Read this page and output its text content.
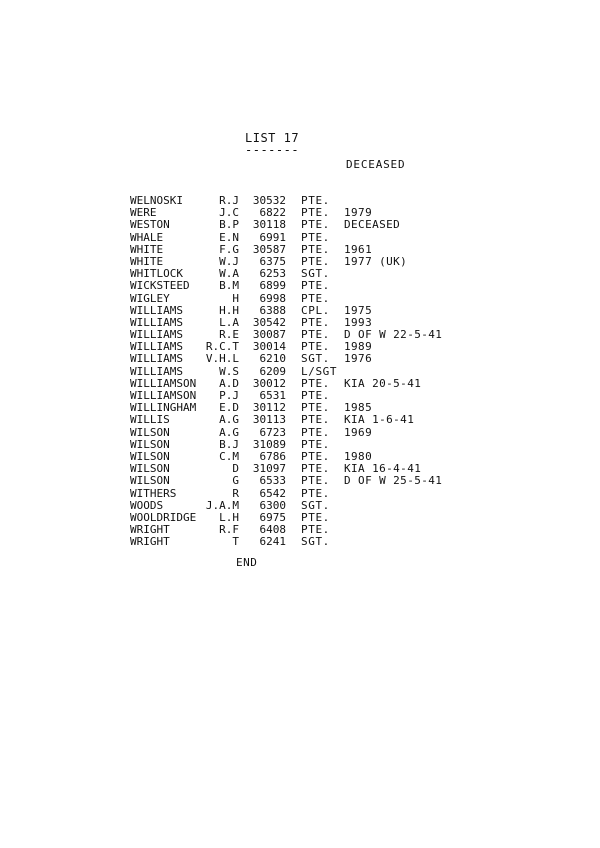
LIST 17
-------
DECEASED
WELNOSKI	R.J 30532 PTE.
WERE	J.C 6822 PTE. 1979
WESTON	B.P 30118 PTE. DECEASED
WHALE	E.N 6991 PTE.
WHITE	F.G 30587 PTE. 1961
WHITE	W.J 6375 PTE. 1977 (UK)
WHITLOCK	W.A 6253 SGT.
WICKSTEED	B.M 6899 PTE.
WIGLEY	H 6998 PTE.
WILLIAMS	H.H 6388 CPL. 1975
WILLIAMS	L.A 30542 PTE. 1993
WILLIAMS	R.E 30087 PTE. D OF W 22-5-41
WILLIAMS R.C.T 30014 PTE. 1989
WILLIAMS V.H.L 6210 SGT. 1976
WILLIAMS	W.S 6209 L/SGT
WILLIAMSON A.D 30012 PTE. KIA 20-5-41
WILLIAMSON P.J 6531 PTE.
WILLINGHAM E.D 30112 PTE. 1985
WILLIS	A.G 30113 PTE. KIA 1-6-41
WILSON	A.G 6723 PTE. 1969
WILSON	B.J 31089 PTE.
WILSON	C.M 6786 PTE. 1980
WILSON	D 31097 PTE. KIA 16-4-41
WILSON	G 6533 PTE. D OF W 25-5-41
WITHERS	R 6542 PTE.
WOODS	J.A.M 6300 SGT.
WOOLDRIDGE L.H 6975 PTE.
WRIGHT	R.F 6408 PTE.
WRIGHT	T 6241 SGT.
END
